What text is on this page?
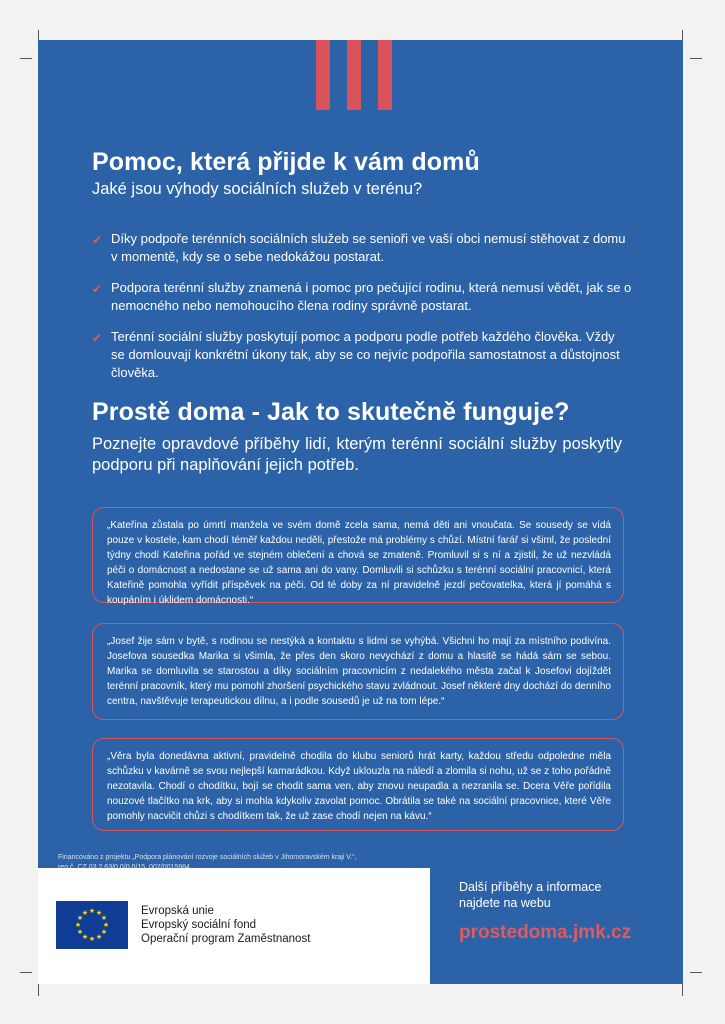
Pomoc, která přijde k vám domů

Jaké jsou výhody sociálních služeb v terénu?

✔ Díky podpoře terénních sociálních služeb se senioři ve vaší obci nemusí stěhovat z domu v momentě, kdy se o sebe nedokážou postarat.
✔ Podpora terénní služby znamená i pomoc pro pečující rodinu, která nemusí vědět, jak se o nemocného nebo nemohoucího člena rodiny správně postarat.
✔ Terénní sociální služby poskytují pomoc a podporu podle potřeb každého člověka. Vždy se domlouvají konkrétní úkony tak, aby se co nejvíc podpořila samostatnost a důstojnost člověka.
Prostě doma - Jak to skutečně funguje?

Poznejte opravdové příběhy lidí, kterým terénní sociální služby poskytly podporu při naplňování jejich potřeb.

„Kateřina zůstala po úmrtí manžela ve svém domě zcela sama, nemá děti ani vnoučata. Se sousedy se vídá pouze v kostele, kam chodí téměř každou neděli, přestože má problémy s chůzí. Místní farář si všiml, že poslední týdny chodí Kateřina pořád ve stejném oblečení a chová se zmateně. Promluvil si s ní a zjistil, že už nezvládá péči o domácnost a nedostane se už sama ani do vany. Domluvili si schůzku s terénní sociální pracovnicí, která Kateřině pomohla vyřídit příspěvek na péči. Od té doby za ní pravidelně jezdí pečovatelka, která jí pomáhá s koupáním i úklidem domácnosti.“
„Josef žije sám v bytě, s rodinou se nestýká a kontaktu s lidmi se vyhýbá. Všichni ho mají za místního podivína. Josefova sousedka Marika si všimla, že přes den skoro nevychází z domu a hlasitě se hádá sám se sebou. Marika se domluvila se starostou a díky sociálním pracovnicím z nedalekého města začal k Josefovi dojíždět terénní pracovník, který mu pomohl zhoršení psychického stavu zvládnout. Josef některé dny dochází do denního centra, navštěvuje terapeutickou dílnu, a i podle sousedů je už na tom lépe.“
„Věra byla donedávna aktivní, pravidelně chodila do klubu seniorů hrát karty, každou středu odpoledne měla schůzku v kavárně se svou nejlepší kamarádkou. Když uklouzla na náledí a zlomila si nohu, už se z toho pořádně nezotavila. Chodí o chodítku, bojí se chodit sama ven, aby znovu neupadla a nezranila se. Dcera Věře pořídila nouzové tlačítko na krk, aby si mohla kdykoliv zavolat pomoc. Obrátila se také na sociální pracovnice, které Věře pomohly nacvičit chůzi s chodítkem tak, že už zase chodí nejen na kávu.“
Financováno z projektu „Podpora plánování rozvoje sociálních služeb v Jihomoravském kraji V.“,
★ ★
★
★
★
★
★
★
★
★
★
★	Evropská unie
Evropský sociální fond
Operační program Zaměstnanost
Další příběhy a informace
najdete na webu
prostedoma.jmk.cz
